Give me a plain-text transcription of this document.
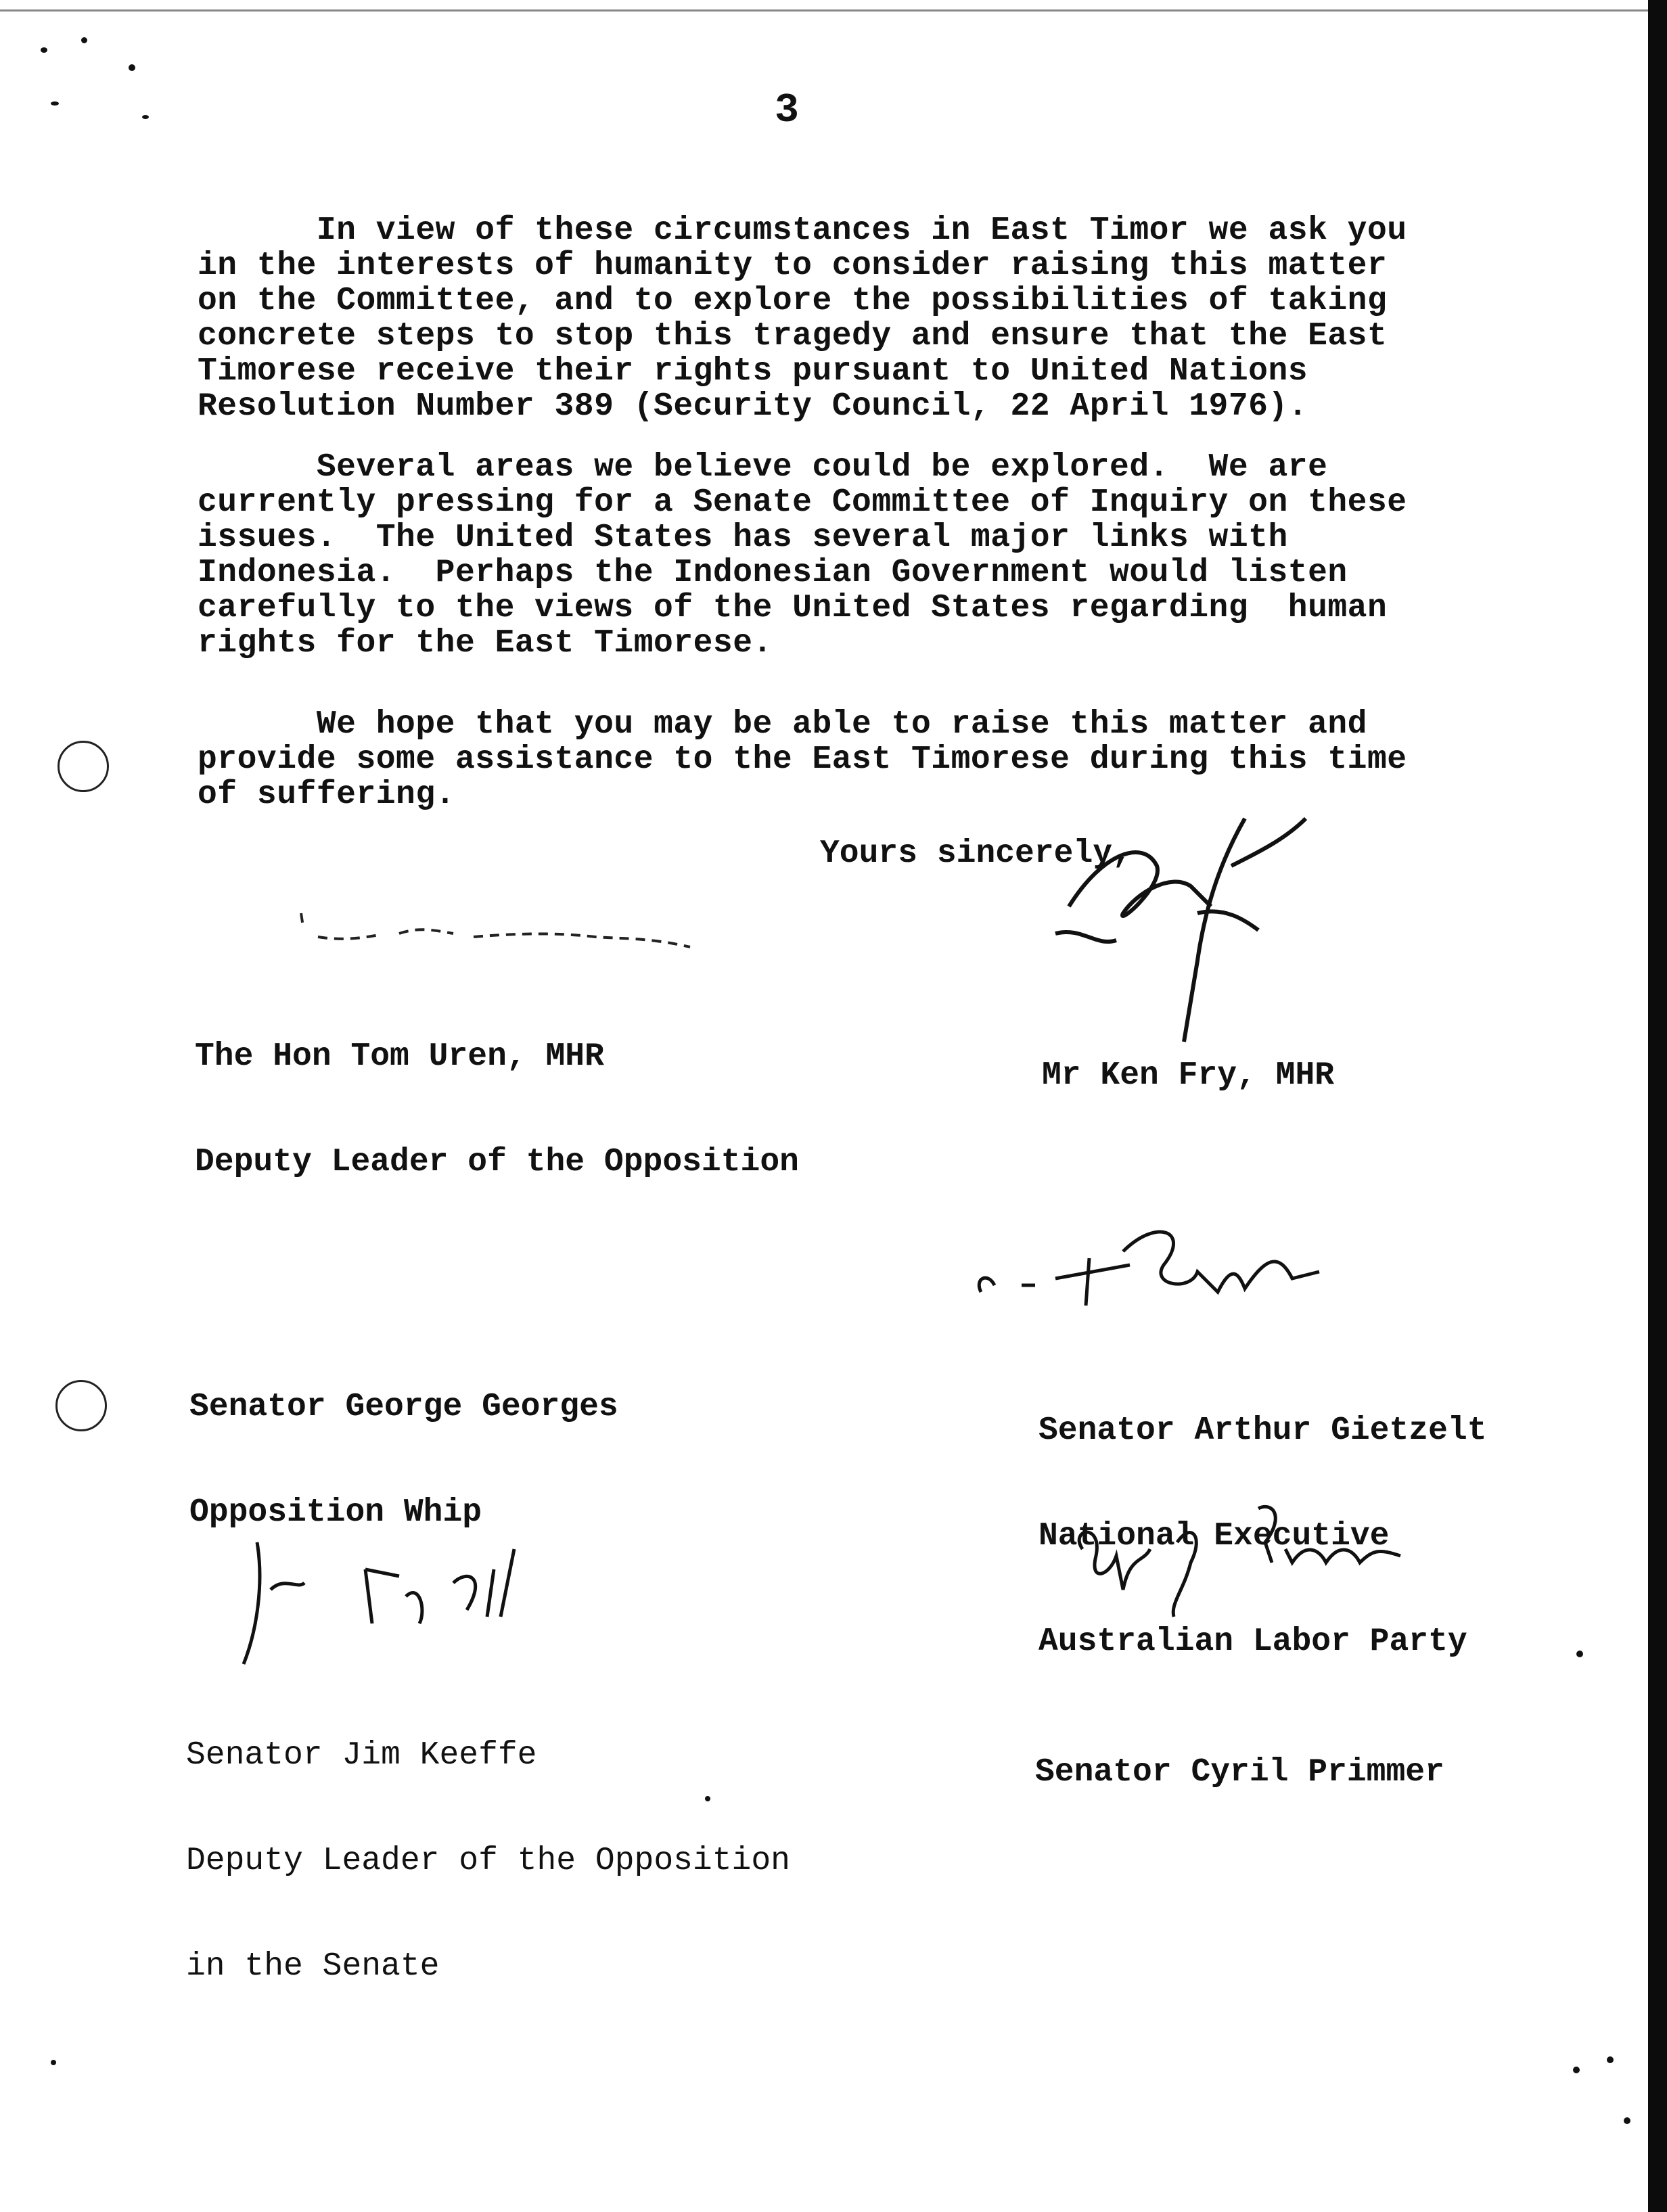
3

In view of these circumstances in East Timor we ask you
in the interests of humanity to consider raising this matter
on the Committee, and to explore the possibilities of taking
concrete steps to stop this tragedy and ensure that the East
Timorese receive their rights pursuant to United Nations
Resolution Number 389 (Security Council, 22 April 1976).

Several areas we believe could be explored.  We are
currently pressing for a Senate Committee of Inquiry on these
issues.  The United States has several major links with
Indonesia.  Perhaps the Indonesian Government would listen
carefully to the views of the United States regarding  human
rights for the East Timorese.

We hope that you may be able to raise this matter and
provide some assistance to the East Timorese during this time
of suffering.

Yours sincerely,

The Hon Tom Uren, MHR

Deputy Leader of the Opposition

Mr Ken Fry, MHR

Senator George Georges

Opposition Whip

Senator Arthur Gietzelt

National Executive

Australian Labor Party

Senator Jim Keeffe

Deputy Leader of the Opposition

in the Senate

Senator Cyril Primmer
